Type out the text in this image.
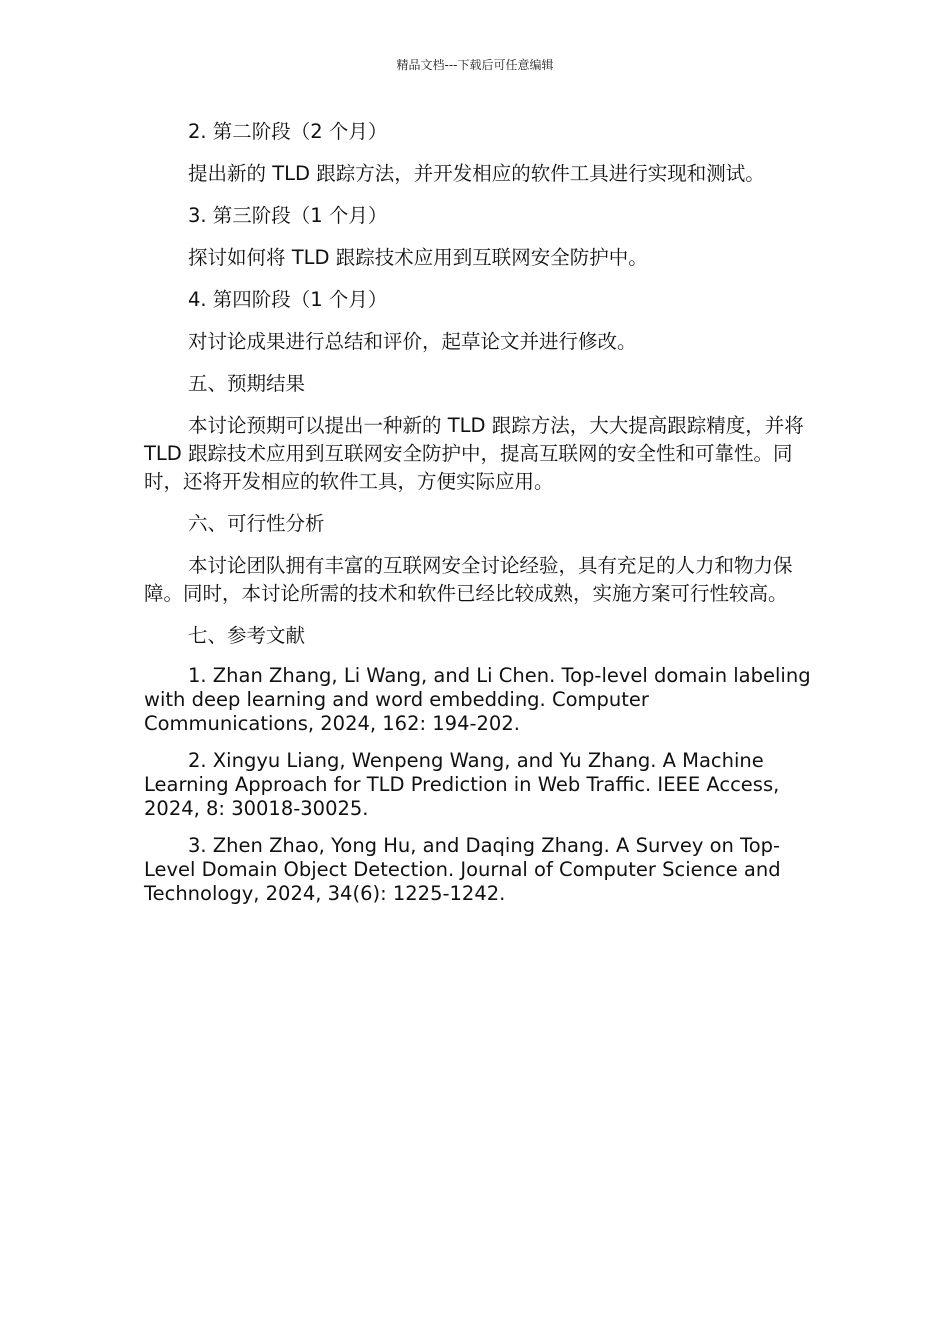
精品文档---下载后可任意编辑

2. 第二阶段（2 个月）

提出新的 TLD 跟踪方法，并开发相应的软件工具进行实现和测试。

3. 第三阶段（1 个月）

探讨如何将 TLD 跟踪技术应用到互联网安全防护中。

4. 第四阶段（1 个月）

对讨论成果进行总结和评价，起草论文并进行修改。

五、预期结果

本讨论预期可以提出一种新的 TLD 跟踪方法，大大提高跟踪精度，并将 TLD 跟踪技术应用到互联网安全防护中，提高互联网的安全性和可靠性。同时，还将开发相应的软件工具，方便实际应用。

六、可行性分析

本讨论团队拥有丰富的互联网安全讨论经验，具有充足的人力和物力保障。同时，本讨论所需的技术和软件已经比较成熟，实施方案可行性较高。

七、参考文献

1. Zhan Zhang, Li Wang, and Li Chen. Top-level domain labeling with deep learning and word embedding. Computer Communications, 2024, 162: 194-202.

2. Xingyu Liang, Wenpeng Wang, and Yu Zhang. A Machine Learning Approach for TLD Prediction in Web Traffic. IEEE Access, 2024, 8: 30018-30025.

3. Zhen Zhao, Yong Hu, and Daqing Zhang. A Survey on Top-Level Domain Object Detection. Journal of Computer Science and Technology, 2024, 34(6): 1225-1242.
